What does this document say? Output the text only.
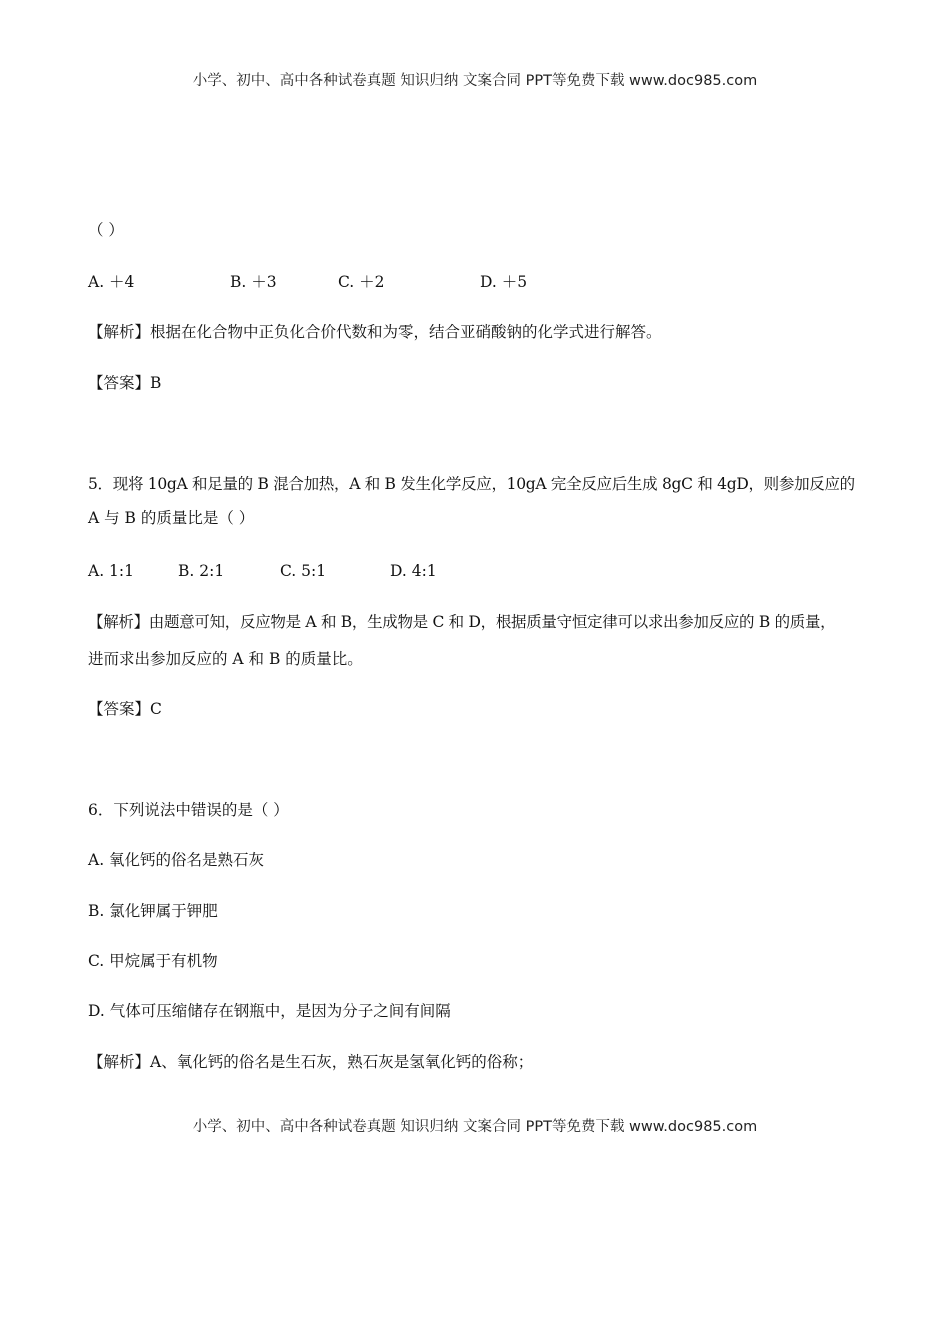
小学、初中、高中各种试卷真题 知识归纳 文案合同 PPT等免费下载 www.doc985.com
（ ）
A. ＋4	B. ＋3	C. ＋2	D. ＋5
【解析】根据在化合物中正负化合价代数和为零，结合亚硝酸钠的化学式进行解答。
【答案】B
5．现将 10gA 和足量的 B 混合加热，A 和 B 发生化学反应，10gA 完全反应后生成 8gC 和 4gD，则参加反应的
A 与 B 的质量比是（ ）
A. 1:1	B. 2:1	C. 5:1	D. 4:1
【解析】由题意可知，反应物是 A 和 B，生成物是 C 和 D，根据质量守恒定律可以求出参加反应的 B 的质量，
进而求出参加反应的 A 和 B 的质量比。
【答案】C
6．下列说法中错误的是（ ）
A. 氧化钙的俗名是熟石灰
B. 氯化钾属于钾肥
C. 甲烷属于有机物
D. 气体可压缩储存在钢瓶中，是因为分子之间有间隔
【解析】A、氧化钙的俗名是生石灰，熟石灰是氢氧化钙的俗称；
小学、初中、高中各种试卷真题 知识归纳 文案合同 PPT等免费下载 www.doc985.com
